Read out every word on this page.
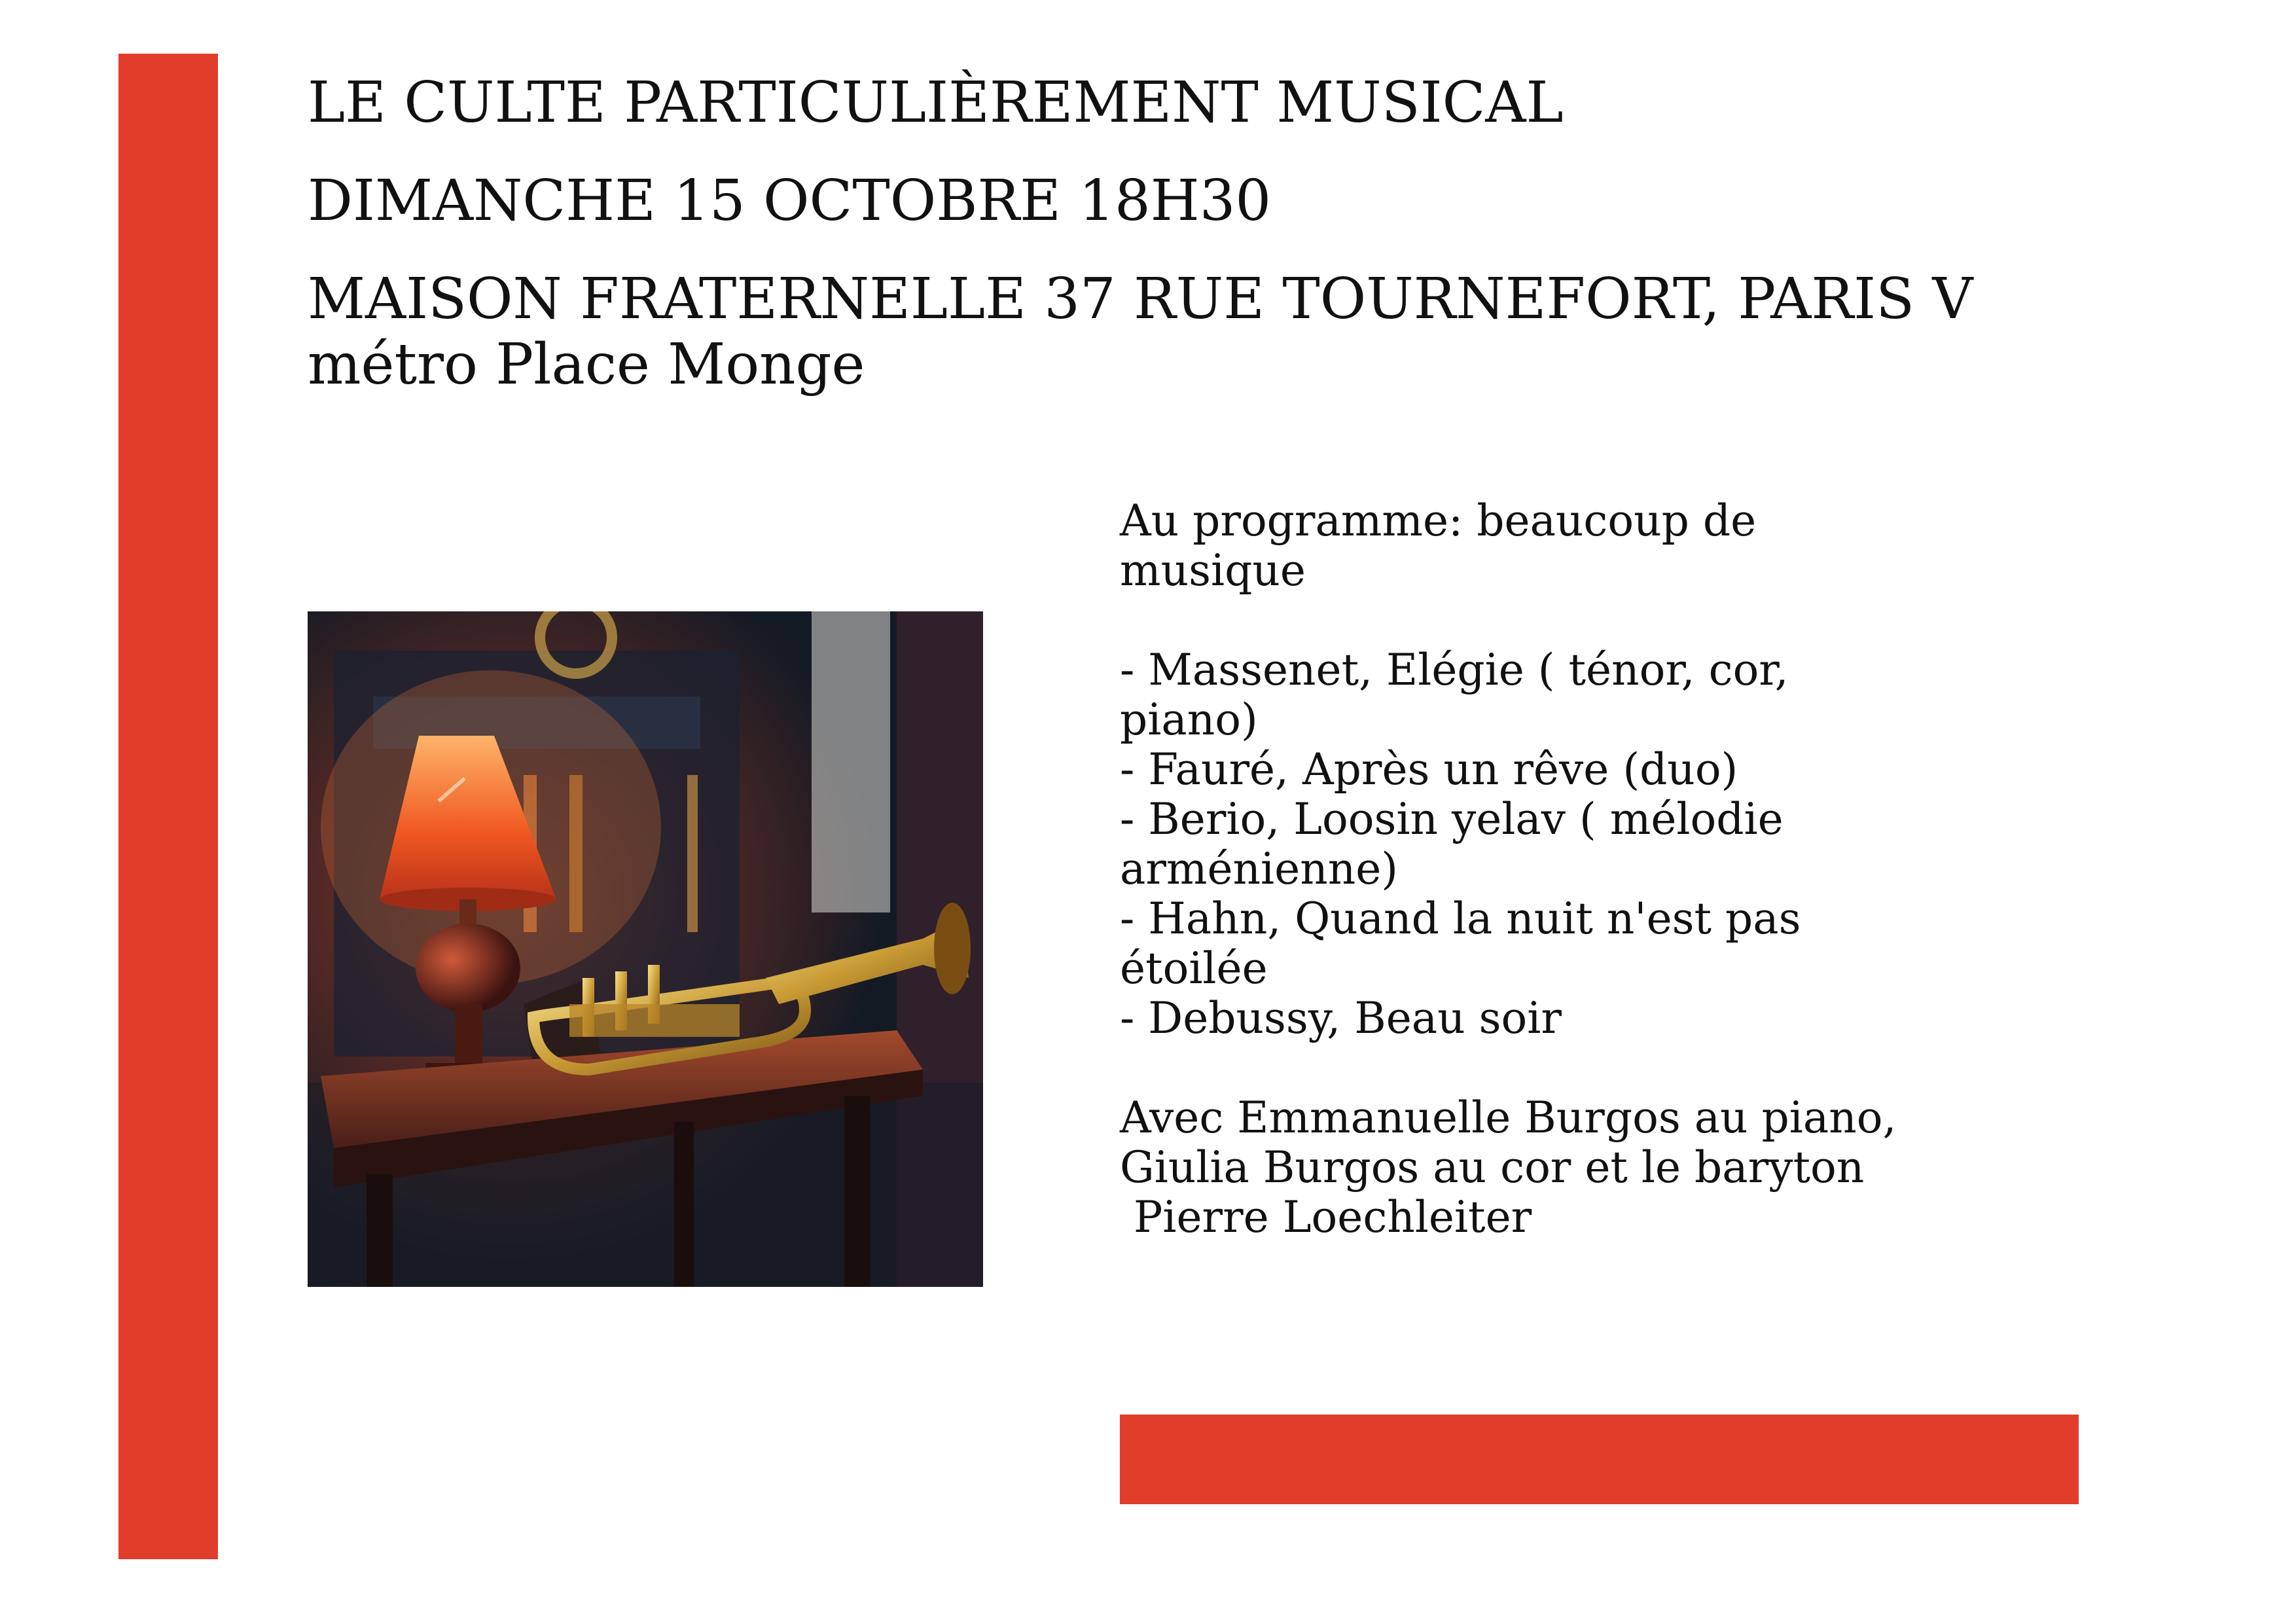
LE CULTE PARTICULIÈREMENT MUSICAL

DIMANCHE 15 OCTOBRE 18H30

MAISON FRATERNELLE 37 RUE TOURNEFORT, PARIS V

métro Place Monge

Au programme: beaucoup de

musique

- Massenet, Elégie ( ténor, cor,

piano)

- Fauré, Après un rêve (duo)

- Berio, Loosin yelav ( mélodie

arménienne)

- Hahn, Quand la nuit n'est pas

étoilée

- Debussy, Beau soir

Avec Emmanuelle Burgos au piano,

Giulia Burgos au cor et le baryton

Pierre Loechleiter
